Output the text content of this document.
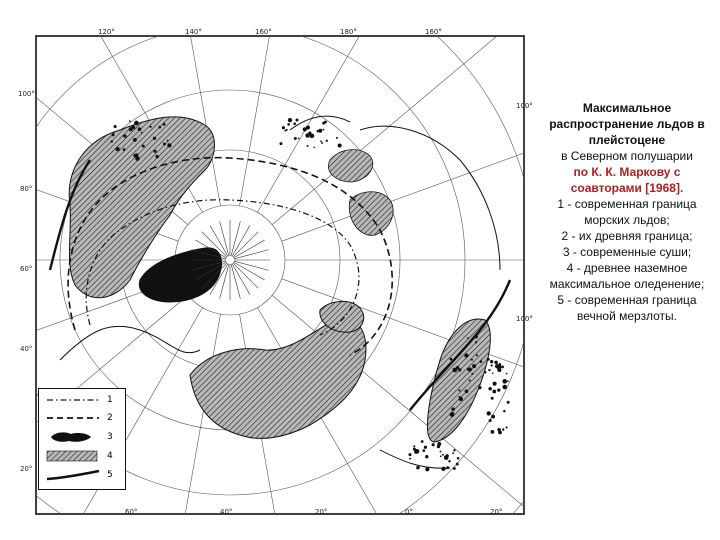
120°	140°	160°	180°	160°
100°
80°
60°
40°
20°
100°
100°
60°	40°	20°	0°	20°
1
2
3
4
5
Максимальное распространение льдов в плейстоцене
в Северном полушарии
по К. К. Маркову с соавторами [1968].
1 - современная граница морских льдов;
2 - их древняя граница;
3 - современные суши;
4 - древнее наземное максимальное оледенение;
5 - современная граница вечной мерзлоты.
